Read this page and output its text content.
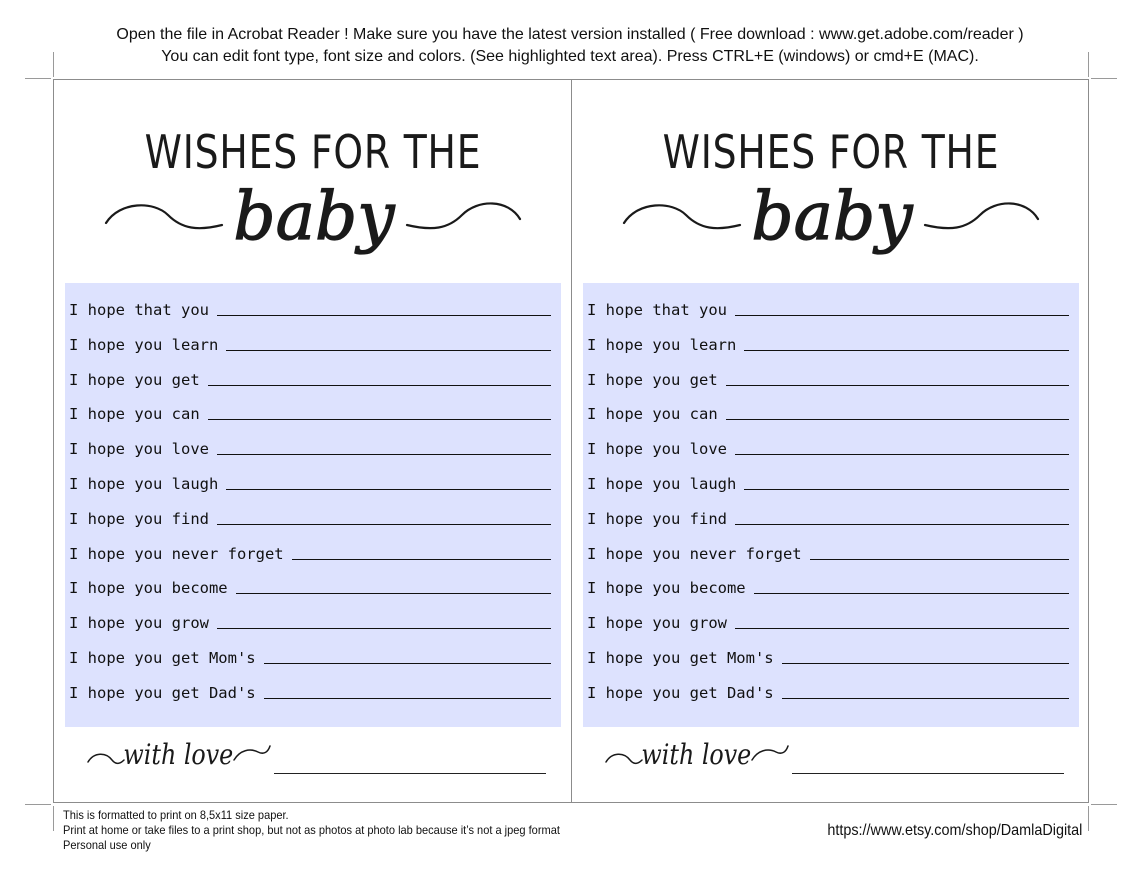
Open the file in Acrobat Reader ! Make sure you have the latest version installed ( Free download : www.get.adobe.com/reader )
You can edit font type, font size and colors. (See highlighted text area). Press CTRL+E (windows) or cmd+E (MAC).
WISHES FOR THE
baby
I hope that you
I hope you learn
I hope you get
I hope you can
I hope you love
I hope you laugh
I hope you find
I hope you never forget
I hope you become
I hope you grow
I hope you get Mom's
I hope you get Dad's
with love
WISHES FOR THE
baby
I hope that you
I hope you learn
I hope you get
I hope you can
I hope you love
I hope you laugh
I hope you find
I hope you never forget
I hope you become
I hope you grow
I hope you get Mom's
I hope you get Dad's
with love
This is formatted to print on 8,5x11 size paper.
Print at home or take files to a print shop, but not as photos at photo lab because it’s not a jpeg format
Personal use only
https://www.etsy.com/shop/DamlaDigital
